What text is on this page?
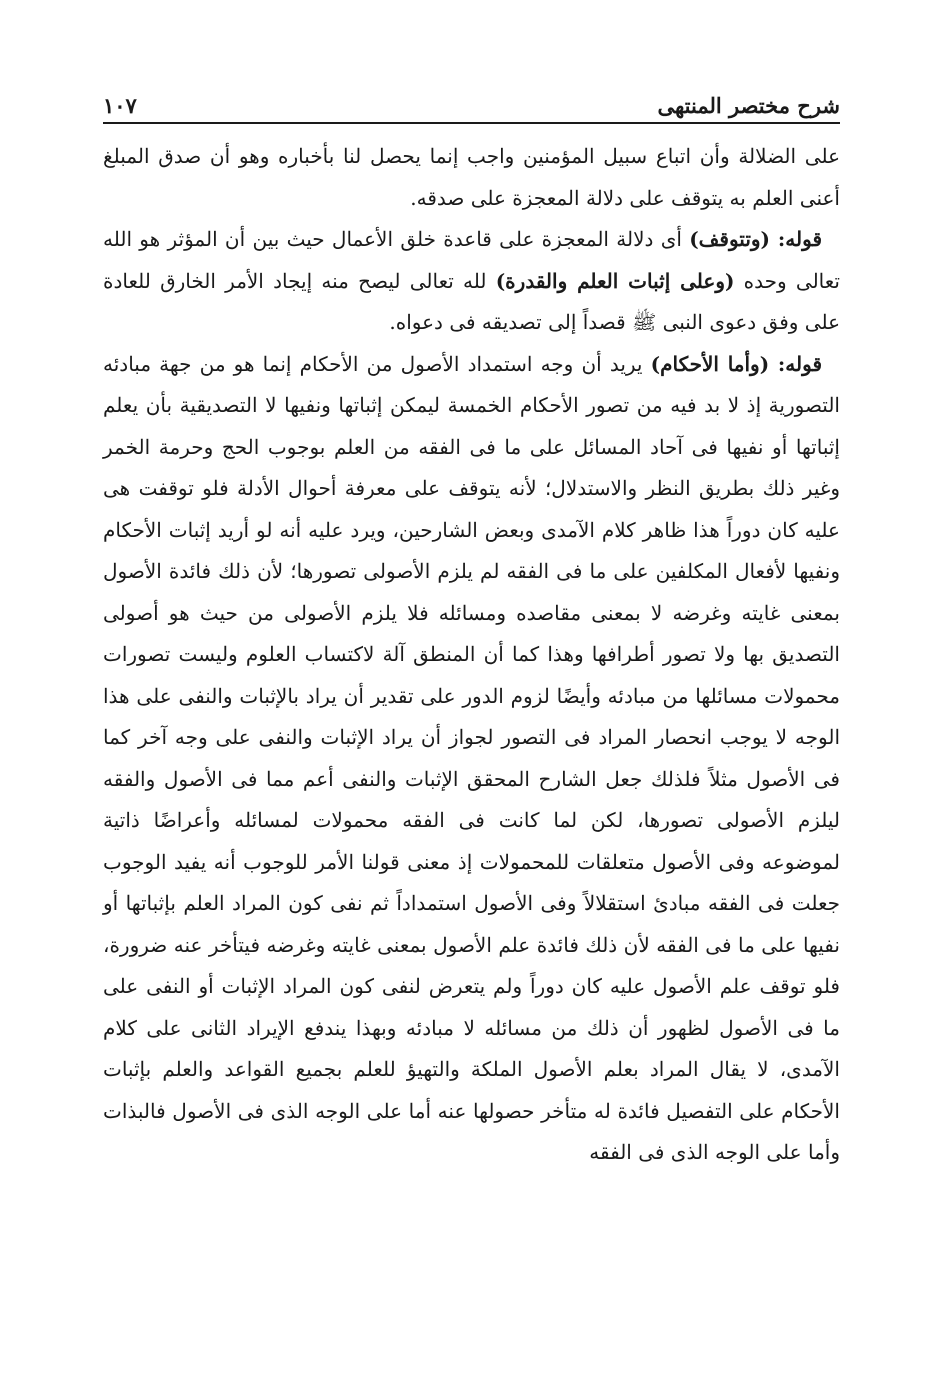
١٠٧	شرح مختصر المنتهى

على الضلالة وأن اتباع سبيل المؤمنين واجب إنما يحصل لنا بأخباره وهو أن صدق المبلغ أعنى العلم به يتوقف على دلالة المعجزة على صدقه.

قوله: (وتتوقف) أى دلالة المعجزة على قاعدة خلق الأعمال حيث بين أن المؤثر هو الله تعالى وحده (وعلى إثبات العلم والقدرة) لله تعالى ليصح منه إيجاد الأمر الخارق للعادة على وفق دعوى النبى ﷺ قصداً إلى تصديقه فى دعواه.

قوله: (وأما الأحكام) يريد أن وجه استمداد الأصول من الأحكام إنما هو من جهة مبادئه التصورية إذ لا بد فيه من تصور الأحكام الخمسة ليمكن إثباتها ونفيها لا التصديقية بأن يعلم إثباتها أو نفيها فى آحاد المسائل على ما فى الفقه من العلم بوجوب الحج وحرمة الخمر وغير ذلك بطريق النظر والاستدلال؛ لأنه يتوقف على معرفة أحوال الأدلة فلو توقفت هى عليه كان دوراً هذا ظاهر كلام الآمدى وبعض الشارحين، ويرد عليه أنه لو أريد إثبات الأحكام ونفيها لأفعال المكلفين على ما فى الفقه لم يلزم الأصولى تصورها؛ لأن ذلك فائدة الأصول بمعنى غايته وغرضه لا بمعنى مقاصده ومسائله فلا يلزم الأصولى من حيث هو أصولى التصديق بها ولا تصور أطرافها وهذا كما أن المنطق آلة لاكتساب العلوم وليست تصورات محمولات مسائلها من مبادئه وأيضًا لزوم الدور على تقدير أن يراد بالإثبات والنفى على هذا الوجه لا يوجب انحصار المراد فى التصور لجواز أن يراد الإثبات والنفى على وجه آخر كما فى الأصول مثلاً فلذلك جعل الشارح المحقق الإثبات والنفى أعم مما فى الأصول والفقه ليلزم الأصولى تصورها، لكن لما كانت فى الفقه محمولات لمسائله وأعراضًا ذاتية لموضوعه وفى الأصول متعلقات للمحمولات إذ معنى قولنا الأمر للوجوب أنه يفيد الوجوب جعلت فى الفقه مبادئ استقلالاً وفى الأصول استمداداً ثم نفى كون المراد العلم بإثباتها أو نفيها على ما فى الفقه لأن ذلك فائدة علم الأصول بمعنى غايته وغرضه فيتأخر عنه ضرورة، فلو توقف علم الأصول عليه كان دوراً ولم يتعرض لنفى كون المراد الإثبات أو النفى على ما فى الأصول لظهور أن ذلك من مسائله لا مبادئه وبهذا يندفع الإيراد الثانى على كلام الآمدى، لا يقال المراد بعلم الأصول الملكة والتهيؤ للعلم بجميع القواعد والعلم بإثبات الأحكام على التفصيل فائدة له متأخر حصولها عنه أما على الوجه الذى فى الأصول فالبذات وأما على الوجه الذى فى الفقه
